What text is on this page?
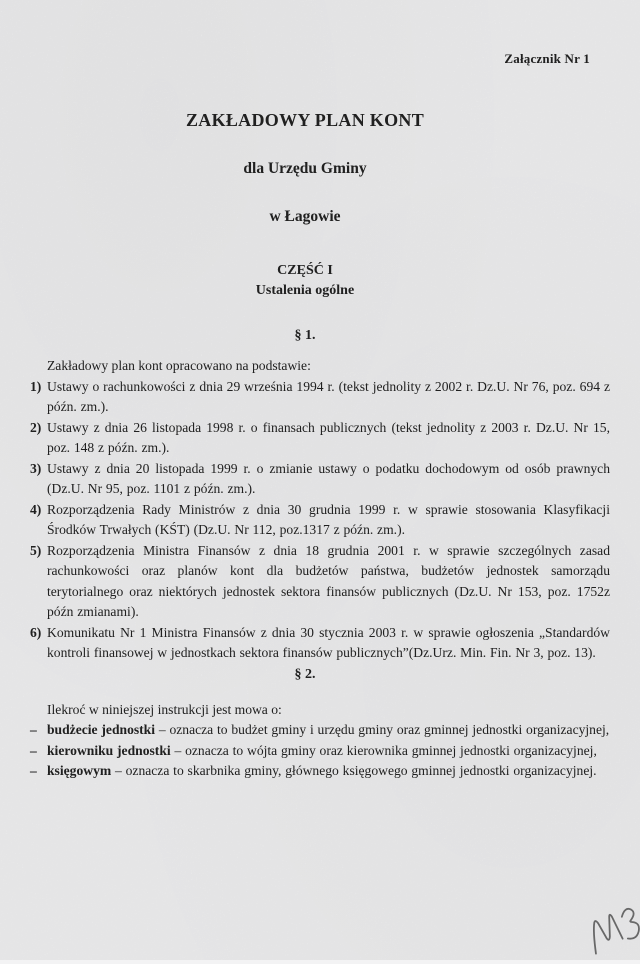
Załącznik Nr 1
ZAKŁADOWY PLAN KONT
dla Urzędu Gminy
w Łagowie
CZĘŚĆ I
Ustalenia ogólne
§ 1.

Zakładowy plan kont opracowano na podstawie:

1) Ustawy o rachunkowości z dnia 29 września 1994 r. (tekst jednolity z 2002 r. Dz.U. Nr 76, poz. 694 z późn. zm.).
2) Ustawy z dnia 26 listopada 1998 r. o finansach publicznych (tekst jednolity z 2003 r. Dz.U. Nr 15, poz. 148 z późn. zm.).
3) Ustawy z dnia 20 listopada 1999 r. o zmianie ustawy o podatku dochodowym od osób prawnych (Dz.U. Nr 95, poz. 1101 z późn. zm.).
4) Rozporządzenia Rady Ministrów z dnia 30 grudnia 1999 r. w sprawie stosowania Klasyfikacji Środków Trwałych (KŚT) (Dz.U. Nr 112, poz.1317 z późn. zm.).
5) Rozporządzenia Ministra Finansów z dnia 18 grudnia 2001 r. w sprawie szczególnych zasad rachunkowości oraz planów kont dla budżetów państwa, budżetów jednostek samorządu terytorialnego oraz niektórych jednostek sektora finansów publicznych (Dz.U. Nr 153, poz. 1752z późn zmianami).
6) Komunikatu Nr 1 Ministra Finansów z dnia 30 stycznia 2003 r. w sprawie ogłoszenia „Standardów kontroli finansowej w jednostkach sektora finansów publicznych”(Dz.Urz. Min. Fin. Nr 3, poz. 13).
§ 2.

Ilekroć w niniejszej instrukcji jest mowa o:

– budżecie jednostki – oznacza to budżet gminy i urzędu gminy oraz gminnej jednostki organizacyjnej,
– kierowniku jednostki – oznacza to wójta gminy oraz kierownika gminnej jednostki organizacyjnej,
– księgowym – oznacza to skarbnika gminy, głównego księgowego gminnej jednostki organizacyjnej.
